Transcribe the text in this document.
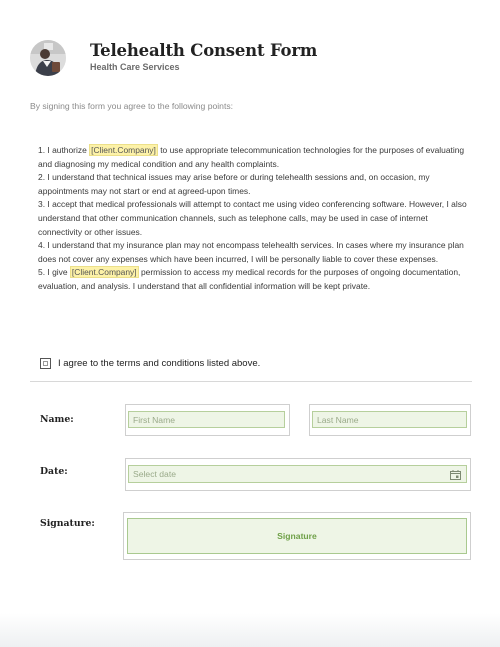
Telehealth Consent Form
Health Care Services
By signing this form you agree to the following points:

1. I authorize [Client.Company] to use appropriate telecommunication technologies for the purposes of evaluating and diagnosing my medical condition and any health complaints.

2. I understand that technical issues may arise before or during telehealth sessions and, on occasion, my appointments may not start or end at agreed-upon times.

3. I accept that medical professionals will attempt to contact me using video conferencing software. However, I also understand that other communication channels, such as telephone calls, may be used in case of internet connectivity or other issues.

4. I understand that my insurance plan may not encompass telehealth services. In cases where my insurance plan does not cover any expenses which have been incurred, I will be personally liable to cover these expenses.

5. I give [Client.Company] permission to access my medical records for the purposes of ongoing documentation, evaluation, and analysis. I understand that all confidential information will be kept private.

I agree to the terms and conditions listed above.
Name:	First Name	Last Name
Date:	Select date
Signature:
Signature
